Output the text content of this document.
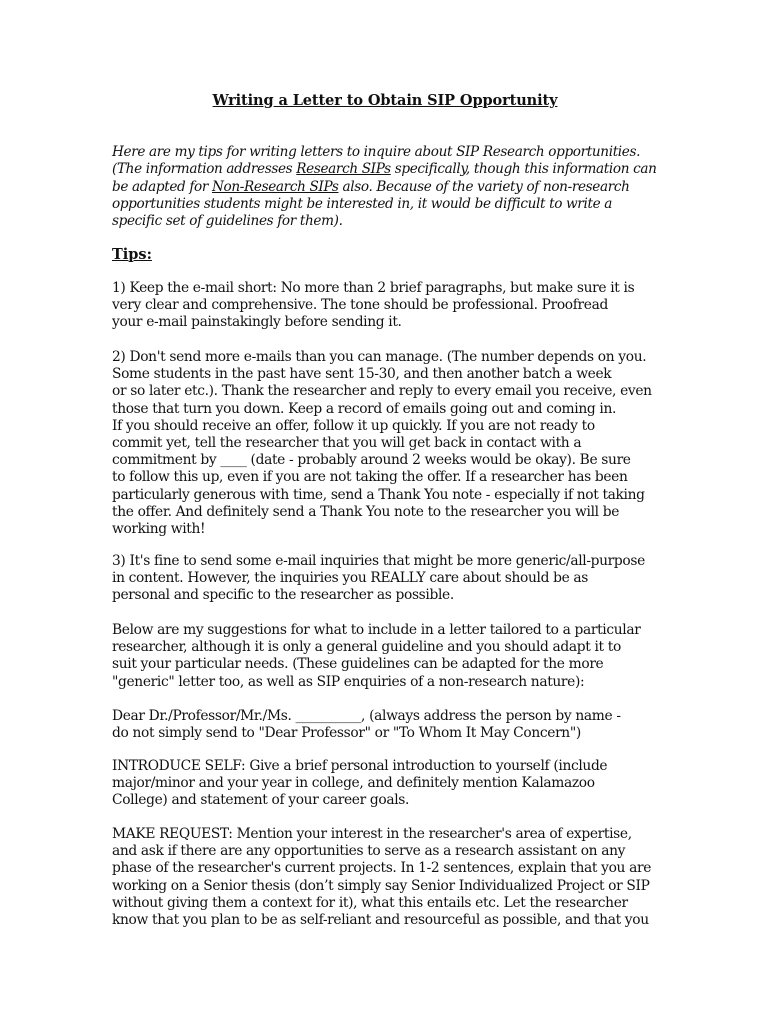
Writing a Letter to Obtain SIP Opportunity
Here are my tips for writing letters to inquire about SIP Research opportunities. (The information addresses Research SIPs specifically, though this information can be adapted for Non-Research SIPs also. Because of the variety of non-research opportunities students might be interested in, it would be difficult to write a specific set of guidelines for them).
Tips:
1) Keep the e-mail short: No more than 2 brief paragraphs, but make sure it is
very clear and comprehensive. The tone should be professional. Proofread
your e-mail painstakingly before sending it.
2) Don't send more e-mails than you can manage. (The number depends on you.
Some students in the past have sent 15-30, and then another batch a week
or so later etc.). Thank the researcher and reply to every email you receive, even
those that turn you down. Keep a record of emails going out and coming in.
If you should receive an offer, follow it up quickly. If you are not ready to
commit yet, tell the researcher that you will get back in contact with a
commitment by ____ (date - probably around 2 weeks would be okay). Be sure
to follow this up, even if you are not taking the offer. If a researcher has been
particularly generous with time, send a Thank You note - especially if not taking
the offer. And definitely send a Thank You note to the researcher you will be
working with!
3) It's fine to send some e-mail inquiries that might be more generic/all-purpose
in content. However, the inquiries you REALLY care about should be as
personal and specific to the researcher as possible.
Below are my suggestions for what to include in a letter tailored to a particular
researcher, although it is only a general guideline and you should adapt it to
suit your particular needs. (These guidelines can be adapted for the more
"generic" letter too, as well as SIP enquiries of a non-research nature):
Dear Dr./Professor/Mr./Ms. __________, (always address the person by name -
do not simply send to "Dear Professor" or "To Whom It May Concern")
INTRODUCE SELF: Give a brief personal introduction to yourself (include
major/minor and your year in college, and definitely mention Kalamazoo
College) and statement of your career goals.
MAKE REQUEST: Mention your interest in the researcher's area of expertise,
and ask if there are any opportunities to serve as a research assistant on any
phase of the researcher's current projects. In 1-2 sentences, explain that you are
working on a Senior thesis (don’t simply say Senior Individualized Project or SIP
without giving them a context for it), what this entails etc. Let the researcher
know that you plan to be as self-reliant and resourceful as possible, and that you
